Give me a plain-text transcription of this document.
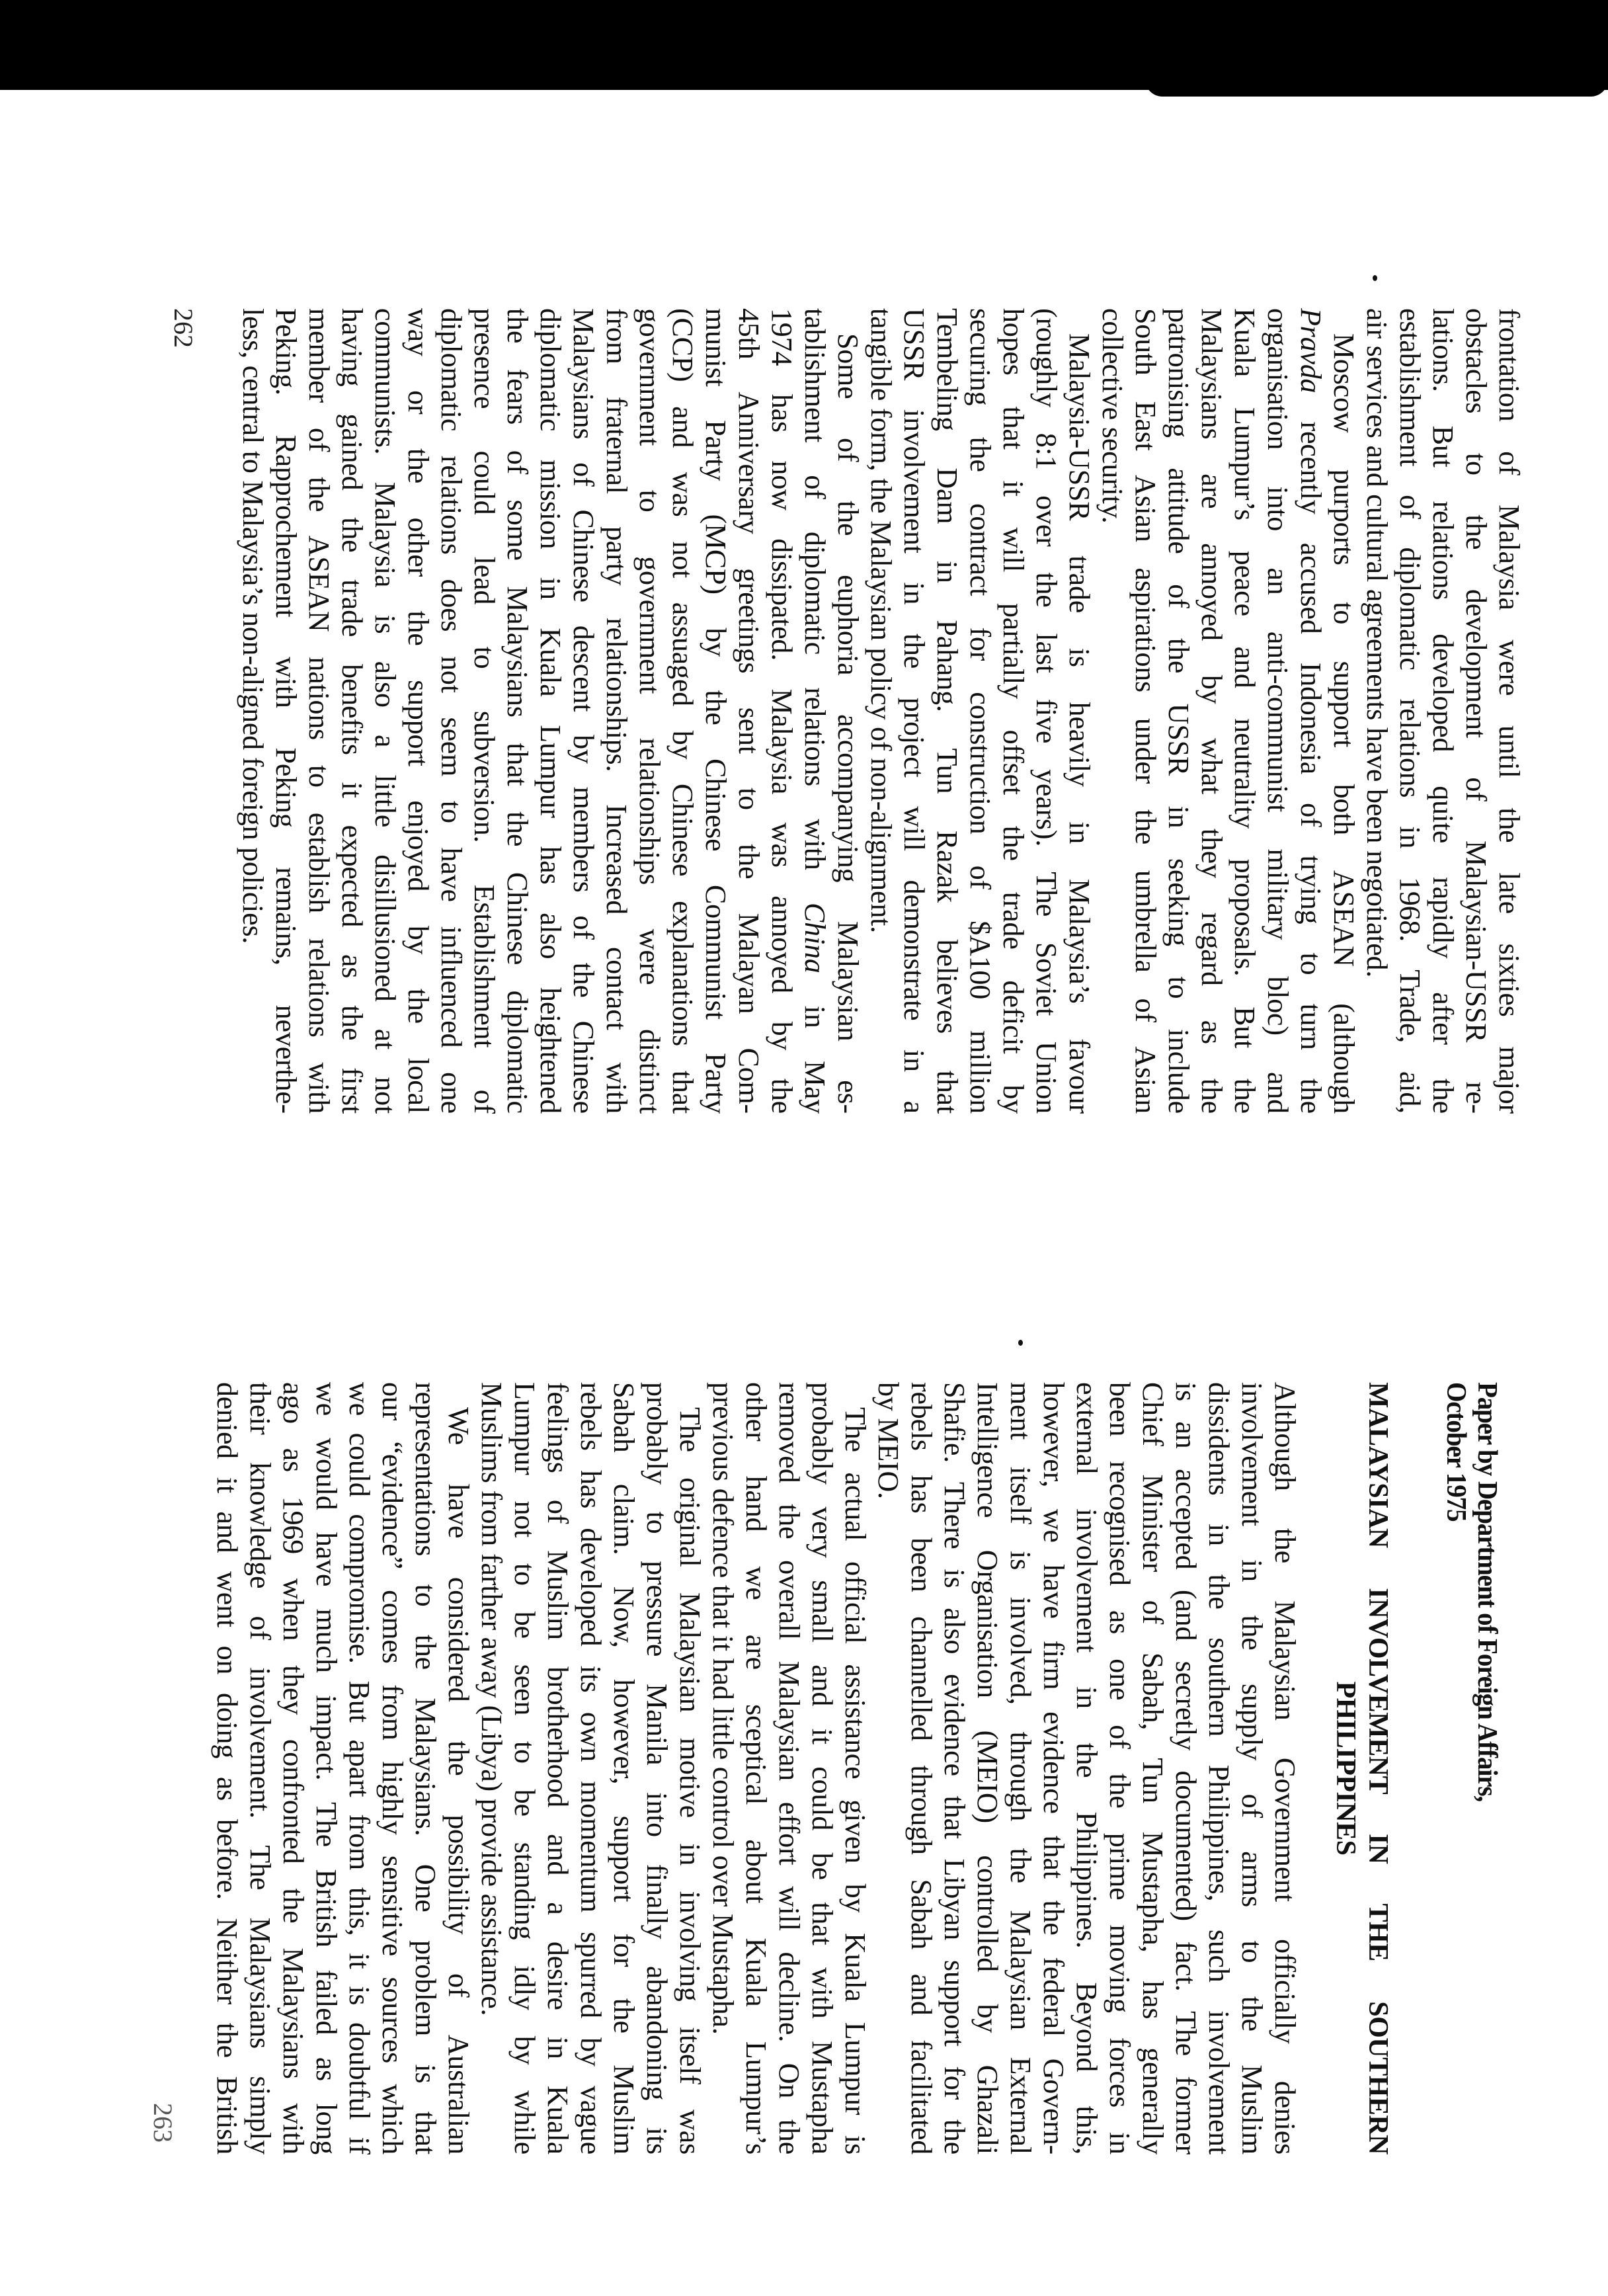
frontation of Malaysia were until the late sixties major
obstacles to the development of Malaysian-USSR re-
lations. But relations developed quite rapidly after the
establishment of diplomatic relations in 1968. Trade, aid,
air services and cultural agreements have been negotiated.
Moscow purports to support both ASEAN (although
Pravda recently accused Indonesia of trying to turn the
organisation into an anti-communist military bloc) and
Kuala Lumpur’s peace and neutrality proposals. But the
Malaysians are annoyed by what they regard as the
patronising attitude of the USSR in seeking to include
South East Asian aspirations under the umbrella of Asian
collective security.
Malaysia-USSR trade is heavily in Malaysia’s favour
(roughly 8:1 over the last five years). The Soviet Union
hopes that it will partially offset the trade deficit by
securing the contract for construction of $A100 million
Tembeling Dam in Pahang. Tun Razak believes that
USSR involvement in the project will demonstrate in a
tangible form, the Malaysian policy of non-alignment.
Some of the euphoria accompanying Malaysian es-
tablishment of diplomatic relations with China in May
1974 has now dissipated. Malaysia was annoyed by the
45th Anniversary greetings sent to the Malayan Com-
munist Party (MCP) by the Chinese Communist Party
(CCP) and was not assuaged by Chinese explanations that
government to government relationships were distinct
from fraternal party relationships. Increased contact with
Malaysians of Chinese descent by members of the Chinese
diplomatic mission in Kuala Lumpur has also heightened
the fears of some Malaysians that the Chinese diplomatic
presence could lead to subversion. Establishment of
diplomatic relations does not seem to have influenced one
way or the other the support enjoyed by the local
communists. Malaysia is also a little disillusioned at not
having gained the trade benefits it expected as the first
member of the ASEAN nations to establish relations with
Peking. Rapprochement with Peking remains, neverthe-
less, central to Malaysia’s non-aligned foreign policies.
262
Paper by Department of Foreign Affairs,
October 1975
MALAYSIAN INVOLVEMENT IN THE SOUTHERN
PHILIPPINES
Although the Malaysian Government officially denies
involvement in the supply of arms to the Muslim
dissidents in the southern Philippines, such involvement
is an accepted (and secretly documented) fact. The former
Chief Minister of Sabah, Tun Mustapha, has generally
been recognised as one of the prime moving forces in
external involvement in the Philippines. Beyond this,
however, we have firm evidence that the federal Govern-
ment itself is involved, through the Malaysian External
Intelligence Organisation (MEIO) controlled by Ghazali
Shafie. There is also evidence that Libyan support for the
rebels has been channelled through Sabah and facilitated
by MEIO.
The actual official assistance given by Kuala Lumpur is
probably very small and it could be that with Mustapha
removed the overall Malaysian effort will decline. On the
other hand we are sceptical about Kuala Lumpur’s
previous defence that it had little control over Mustapha.
The original Malaysian motive in involving itself was
probably to pressure Manila into finally abandoning its
Sabah claim. Now, however, support for the Muslim
rebels has developed its own momentum spurred by vague
feelings of Muslim brotherhood and a desire in Kuala
Lumpur not to be seen to be standing idly by while
Muslims from farther away (Libya) provide assistance.
We have considered the possibility of Australian
representations to the Malaysians. One problem is that
our “evidence” comes from highly sensitive sources which
we could compromise. But apart from this, it is doubtful if
we would have much impact. The British failed as long
ago as 1969 when they confronted the Malaysians with
their knowledge of involvement. The Malaysians simply
denied it and went on doing as before. Neither the British
263
